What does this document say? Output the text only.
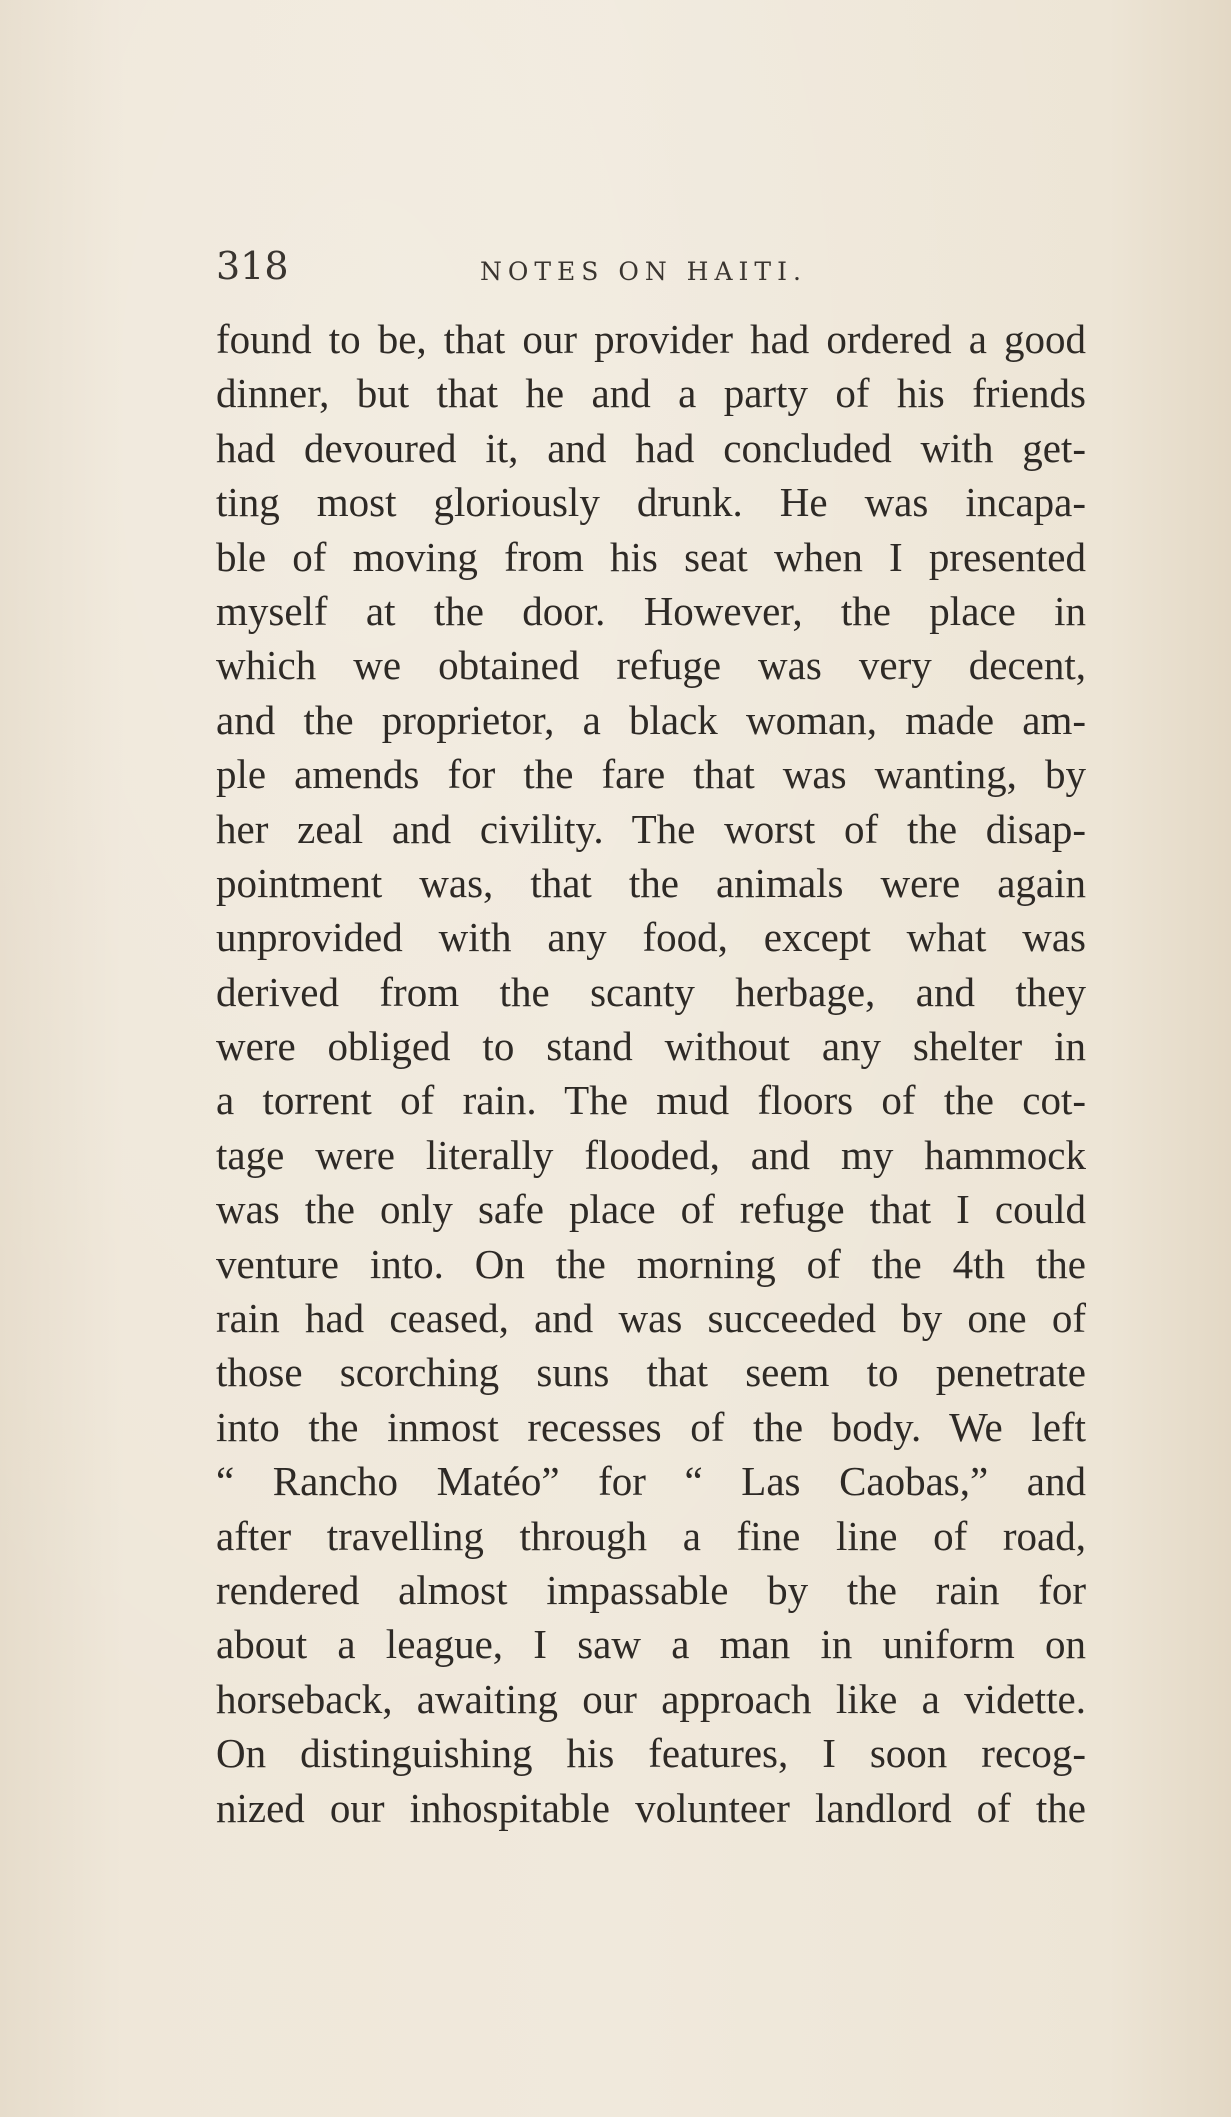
318	NOTES ON HAITI.
found to be, that our provider had ordered a good
dinner, but that he and a party of his friends
had devoured it, and had concluded with get-
ting most gloriously drunk. He was incapa-
ble of moving from his seat when I presented
myself at the door. However, the place in
which we obtained refuge was very decent,
and the proprietor, a black woman, made am-
ple amends for the fare that was wanting, by
her zeal and civility. The worst of the disap-
pointment was, that the animals were again
unprovided with any food, except what was
derived from the scanty herbage, and they
were obliged to stand without any shelter in
a torrent of rain. The mud floors of the cot-
tage were literally flooded, and my hammock
was the only safe place of refuge that I could
venture into. On the morning of the 4th the
rain had ceased, and was succeeded by one of
those scorching suns that seem to penetrate
into the inmost recesses of the body. We left
“ Rancho Matéo” for “ Las Caobas,” and
after travelling through a fine line of road,
rendered almost impassable by the rain for
about a league, I saw a man in uniform on
horseback, awaiting our approach like a vidette.
On distinguishing his features, I soon recog-
nized our inhospitable volunteer landlord of the
